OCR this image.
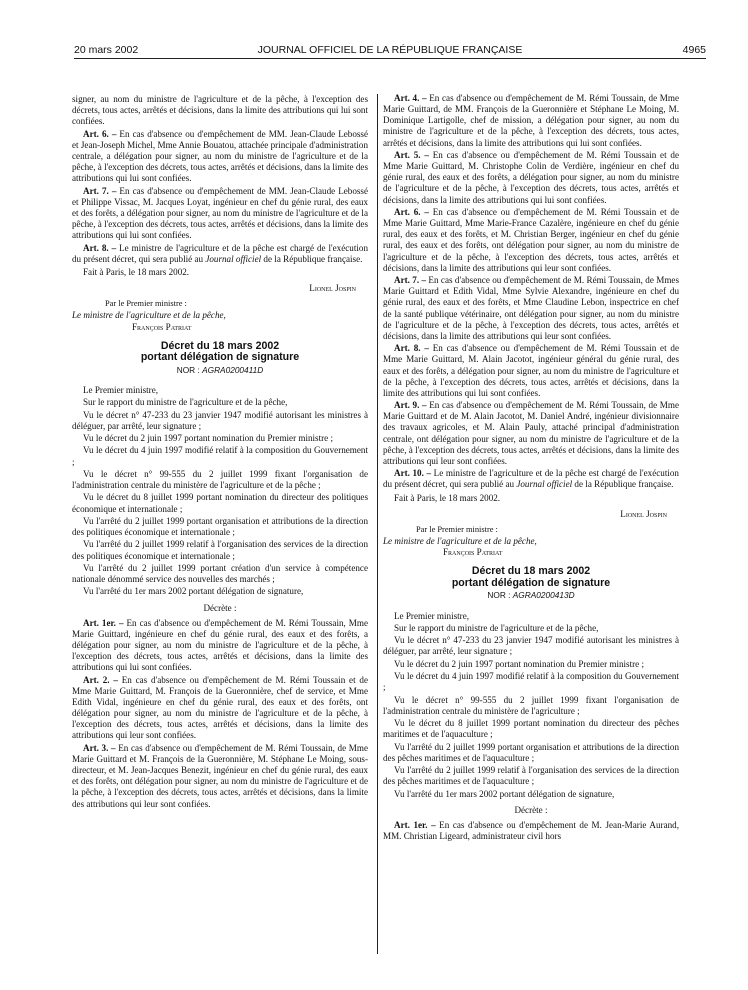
20 mars 2002	JOURNAL OFFICIEL DE LA RÉPUBLIQUE FRANÇAISE	4965

signer, au nom du ministre de l'agriculture et de la pêche, à l'exception des décrets, tous actes, arrêtés et décisions, dans la limite des attributions qui lui sont confiées.

Art. 6. – En cas d'absence ou d'empêchement de MM. Jean-Claude Lebossé et Jean-Joseph Michel, Mme Annie Bouatou, attachée principale d'administration centrale, a délégation pour signer, au nom du ministre de l'agriculture et de la pêche, à l'exception des décrets, tous actes, arrêtés et décisions, dans la limite des attributions qui lui sont confiées.

Art. 7. – En cas d'absence ou d'empêchement de MM. Jean-Claude Lebossé et Philippe Vissac, M. Jacques Loyat, ingénieur en chef du génie rural, des eaux et des forêts, a délégation pour signer, au nom du ministre de l'agriculture et de la pêche, à l'exception des décrets, tous actes, arrêtés et décisions, dans la limite des attributions qui lui sont confiées.

Art. 8. – Le ministre de l'agriculture et de la pêche est chargé de l'exécution du présent décret, qui sera publié au Journal officiel de la République française.

Fait à Paris, le 18 mars 2002.

Lionel Jospin

Par le Premier ministre :

Le ministre de l'agriculture et de la pêche,

François Patriat

Décret du 18 mars 2002
portant délégation de signature
NOR : AGRA0200411D

Le Premier ministre,

Sur le rapport du ministre de l'agriculture et de la pêche,

Vu le décret n° 47-233 du 23 janvier 1947 modifié autorisant les ministres à déléguer, par arrêté, leur signature ;

Vu le décret du 2 juin 1997 portant nomination du Premier ministre ;

Vu le décret du 4 juin 1997 modifié relatif à la composition du Gouvernement ;

Vu le décret n° 99-555 du 2 juillet 1999 fixant l'organisation de l'administration centrale du ministère de l'agriculture et de la pêche ;

Vu le décret du 8 juillet 1999 portant nomination du directeur des politiques économique et internationale ;

Vu l'arrêté du 2 juillet 1999 portant organisation et attributions de la direction des politiques économique et internationale ;

Vu l'arrêté du 2 juillet 1999 relatif à l'organisation des services de la direction des politiques économique et internationale ;

Vu l'arrêté du 2 juillet 1999 portant création d'un service à compétence nationale dénommé service des nouvelles des marchés ;

Vu l'arrêté du 1er mars 2002 portant délégation de signature,

Décrète :

Art. 1er. – En cas d'absence ou d'empêchement de M. Rémi Toussain, Mme Marie Guittard, ingénieure en chef du génie rural, des eaux et des forêts, a délégation pour signer, au nom du ministre de l'agriculture et de la pêche, à l'exception des décrets, tous actes, arrêtés et décisions, dans la limite des attributions qui lui sont confiées.

Art. 2. – En cas d'absence ou d'empêchement de M. Rémi Toussain et de Mme Marie Guittard, M. François de la Gueronnière, chef de service, et Mme Edith Vidal, ingénieure en chef du génie rural, des eaux et des forêts, ont délégation pour signer, au nom du ministre de l'agriculture et de la pêche, à l'exception des décrets, tous actes, arrêtés et décisions, dans la limite des attributions qui leur sont confiées.

Art. 3. – En cas d'absence ou d'empêchement de M. Rémi Toussain, de Mme Marie Guittard et M. François de la Gueronnière, M. Stéphane Le Moing, sous-directeur, et M. Jean-Jacques Benezit, ingénieur en chef du génie rural, des eaux et des forêts, ont délégation pour signer, au nom du ministre de l'agriculture et de la pêche, à l'exception des décrets, tous actes, arrêtés et décisions, dans la limite des attributions qui leur sont confiées.

Art. 4. – En cas d'absence ou d'empêchement de M. Rémi Toussain, de Mme Marie Guittard, de MM. François de la Gueronnière et Stéphane Le Moing, M. Dominique Lartigolle, chef de mission, a délégation pour signer, au nom du ministre de l'agriculture et de la pêche, à l'exception des décrets, tous actes, arrêtés et décisions, dans la limite des attributions qui lui sont confiées.

Art. 5. – En cas d'absence ou d'empêchement de M. Rémi Toussain et de Mme Marie Guittard, M. Christophe Colin de Verdière, ingénieur en chef du génie rural, des eaux et des forêts, a délégation pour signer, au nom du ministre de l'agriculture et de la pêche, à l'exception des décrets, tous actes, arrêtés et décisions, dans la limite des attributions qui lui sont confiées.

Art. 6. – En cas d'absence ou d'empêchement de M. Rémi Toussain et de Mme Marie Guittard, Mme Marie-France Cazalère, ingénieure en chef du génie rural, des eaux et des forêts, et M. Christian Berger, ingénieur en chef du génie rural, des eaux et des forêts, ont délégation pour signer, au nom du ministre de l'agriculture et de la pêche, à l'exception des décrets, tous actes, arrêtés et décisions, dans la limite des attributions qui leur sont confiées.

Art. 7. – En cas d'absence ou d'empêchement de M. Rémi Toussain, de Mmes Marie Guittard et Edith Vidal, Mme Sylvie Alexandre, ingénieure en chef du génie rural, des eaux et des forêts, et Mme Claudine Lebon, inspectrice en chef de la santé publique vétérinaire, ont délégation pour signer, au nom du ministre de l'agriculture et de la pêche, à l'exception des décrets, tous actes, arrêtés et décisions, dans la limite des attributions qui leur sont confiées.

Art. 8. – En cas d'absence ou d'empêchement de M. Rémi Toussain et de Mme Marie Guittard, M. Alain Jacotot, ingénieur général du génie rural, des eaux et des forêts, a délégation pour signer, au nom du ministre de l'agriculture et de la pêche, à l'exception des décrets, tous actes, arrêtés et décisions, dans la limite des attributions qui lui sont confiées.

Art. 9. – En cas d'absence ou d'empêchement de M. Rémi Toussain, de Mme Marie Guittard et de M. Alain Jacotot, M. Daniel André, ingénieur divisionnaire des travaux agricoles, et M. Alain Pauly, attaché principal d'administration centrale, ont délégation pour signer, au nom du ministre de l'agriculture et de la pêche, à l'exception des décrets, tous actes, arrêtés et décisions, dans la limite des attributions qui leur sont confiées.

Art. 10. – Le ministre de l'agriculture et de la pêche est chargé de l'exécution du présent décret, qui sera publié au Journal officiel de la République française.

Fait à Paris, le 18 mars 2002.

Lionel Jospin

Par le Premier ministre :

Le ministre de l'agriculture et de la pêche,

François Patriat

Décret du 18 mars 2002
portant délégation de signature
NOR : AGRA0200413D

Le Premier ministre,

Sur le rapport du ministre de l'agriculture et de la pêche,

Vu le décret n° 47-233 du 23 janvier 1947 modifié autorisant les ministres à déléguer, par arrêté, leur signature ;

Vu le décret du 2 juin 1997 portant nomination du Premier ministre ;

Vu le décret du 4 juin 1997 modifié relatif à la composition du Gouvernement ;

Vu le décret n° 99-555 du 2 juillet 1999 fixant l'organisation de l'administration centrale du ministère de l'agriculture ;

Vu le décret du 8 juillet 1999 portant nomination du directeur des pêches maritimes et de l'aquaculture ;

Vu l'arrêté du 2 juillet 1999 portant organisation et attributions de la direction des pêches maritimes et de l'aquaculture ;

Vu l'arrêté du 2 juillet 1999 relatif à l'organisation des services de la direction des pêches maritimes et de l'aquaculture ;

Vu l'arrêté du 1er mars 2002 portant délégation de signature,

Décrète :

Art. 1er. – En cas d'absence ou d'empêchement de M. Jean-Marie Aurand, MM. Christian Ligeard, administrateur civil hors
